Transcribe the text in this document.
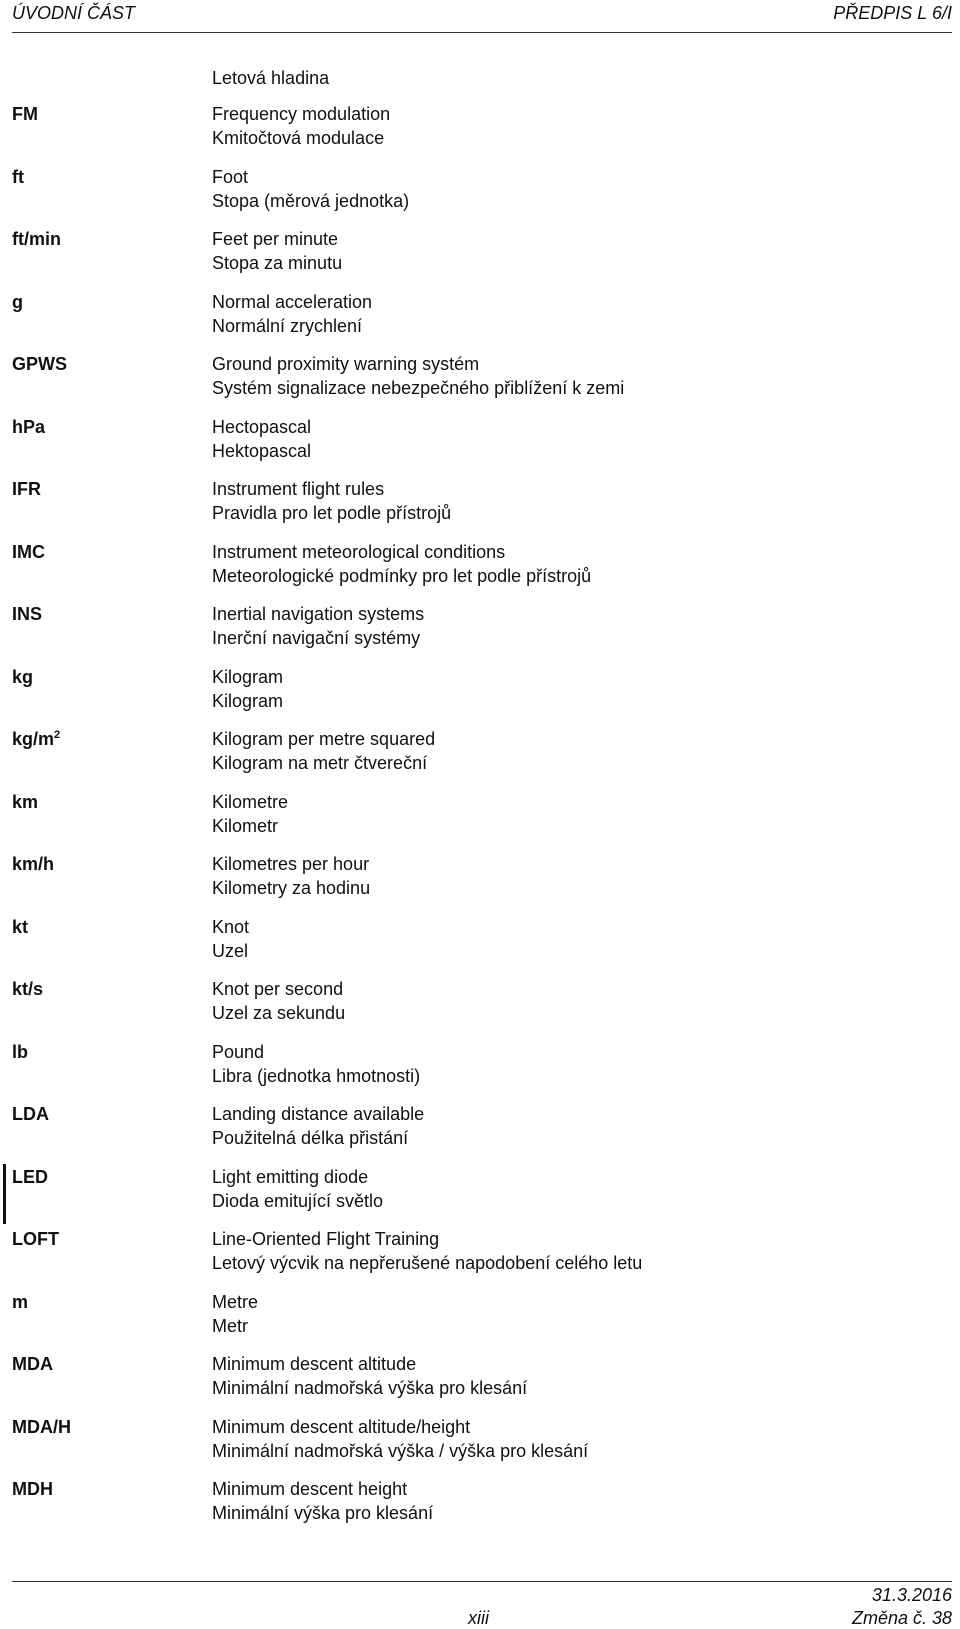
ÚVODNÍ ČÁST	PŘEDPIS L 6/I
Letová hladina
FM	Frequency modulation
Kmitočtová modulace
ft	Foot
Stopa (měrová jednotka)
ft/min	Feet per minute
Stopa za minutu
g	Normal acceleration
Normální zrychlení
GPWS	Ground proximity warning systém
Systém signalizace nebezpečného přiblížení k zemi
hPa	Hectopascal
Hektopascal
IFR	Instrument flight rules
Pravidla pro let podle přístrojů
IMC	Instrument meteorological conditions
Meteorologické podmínky pro let podle přístrojů
INS	Inertial navigation systems
Inerční navigační systémy
kg	Kilogram
Kilogram
$kg/m^2$	Kilogram per metre squared
Kilogram na metr čtvereční
km	Kilometre
Kilometr
km/h	Kilometres per hour
Kilometry za hodinu
kt	Knot
Uzel
kt/s	Knot per second
Uzel za sekundu
lb	Pound
Libra (jednotka hmotnosti)
LDA	Landing distance available
Použitelná délka přistání
LED	Light emitting diode
Dioda emitující světlo
LOFT	Line-Oriented Flight Training
Letový výcvik na nepřerušené napodobení celého letu
m	Metre
Metr
MDA	Minimum descent altitude
Minimální nadmořská výška pro klesání
MDA/H	Minimum descent altitude/height
Minimální nadmořská výška / výška pro klesání
MDH	Minimum descent height
Minimální výška pro klesání
31.3.2016
xiii	Změna č. 38
